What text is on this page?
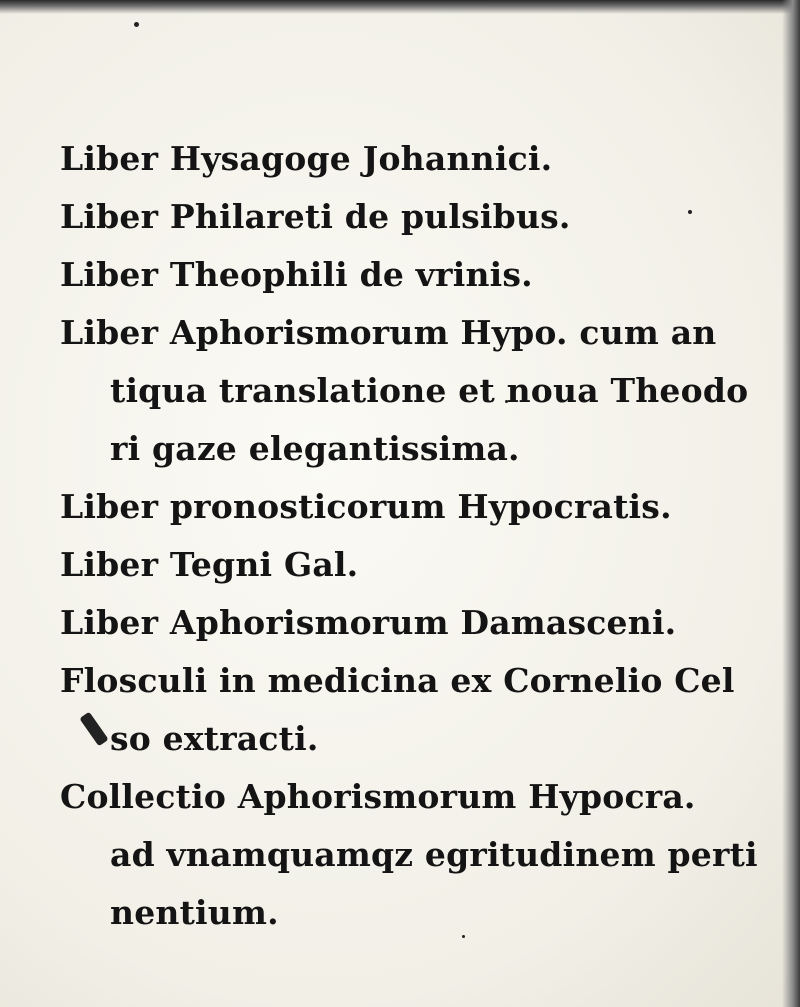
Liber Hysagoge Johannici.
Liber Philareti de pulsibus.
Liber Theophili de vrinis.
Liber Aphorismorum Hypo. cum an
tiqua translatione et noua Theodo
ri gaze elegantissima.
Liber pronosticorum Hypocratis.
Liber Tegni Gal.
Liber Aphorismorum Damasceni.
Flosculi in medicina ex Cornelio Cel
so extracti.
Collectio Aphorismorum Hypocra.
ad vnamquamqz egritudinem perti
nentium.
